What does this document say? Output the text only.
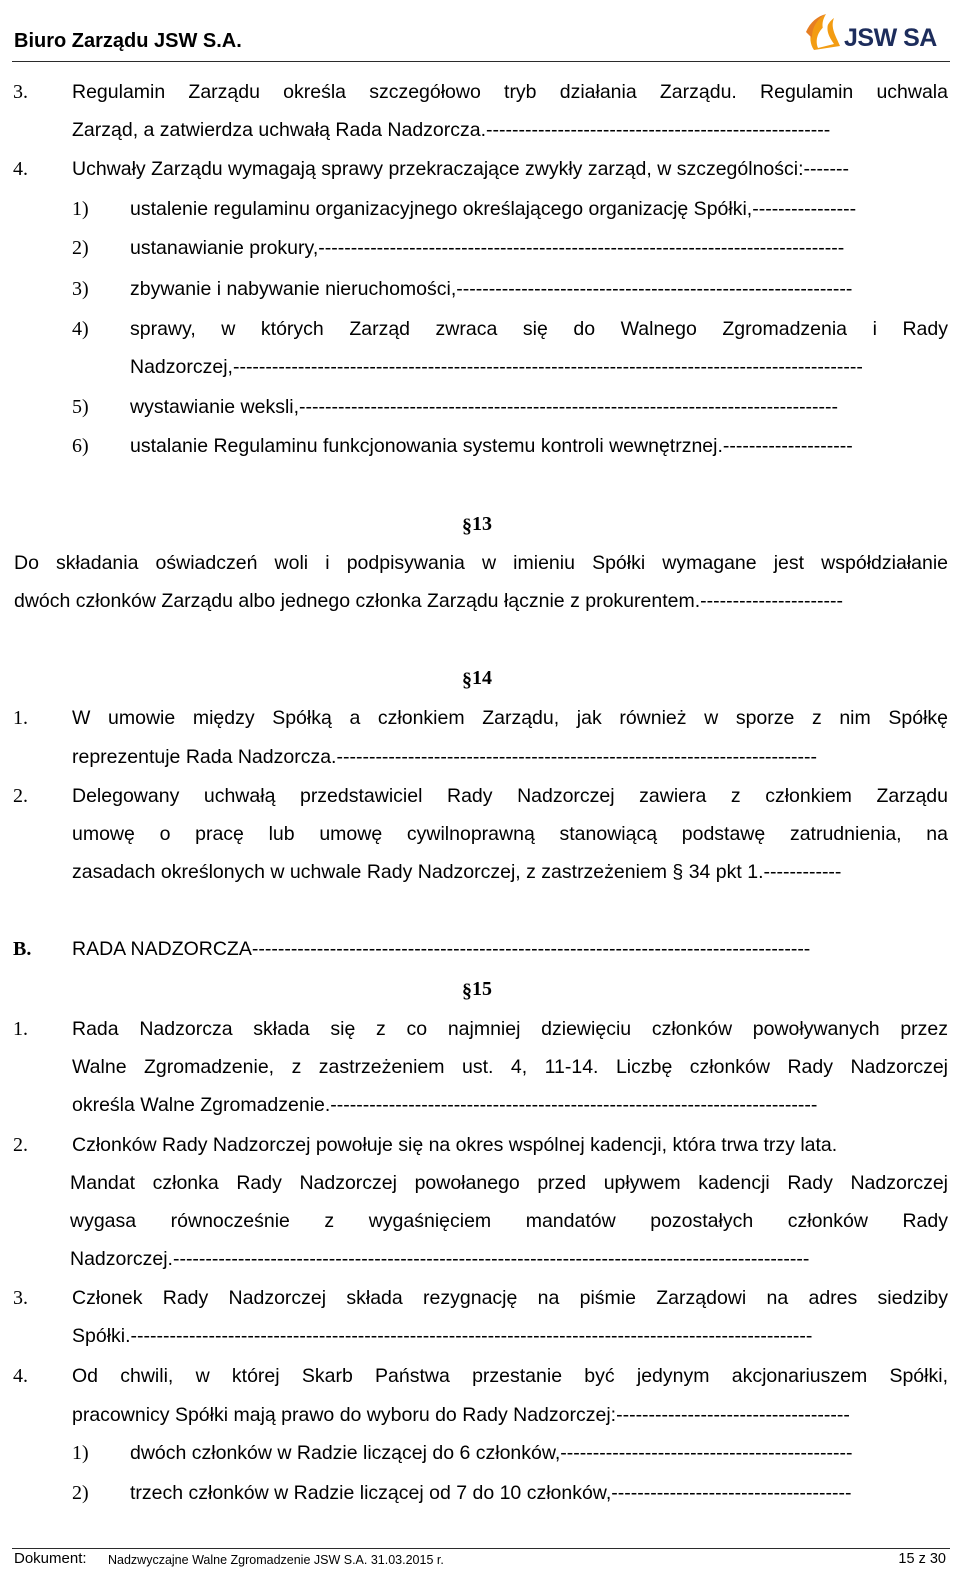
Biuro Zarządu JSW S.A.	JSW SA
3. Regulamin Zarządu określa szczegółowo tryb działania Zarządu. Regulamin uchwala
Zarząd, a zatwierdza uchwałą Rada Nadzorcza.-----------------------------------------------------
4. Uchwały Zarządu wymagają sprawy przekraczające zwykły zarząd, w szczególności:-------
1) ustalenie regulaminu organizacyjnego określającego organizację Spółki,----------------
2) ustanawianie prokury,---------------------------------------------------------------------------------
3) zbywanie i nabywanie nieruchomości,-------------------------------------------------------------
4) sprawy, w których Zarząd zwraca się do Walnego Zgromadzenia i Rady
Nadzorczej,-------------------------------------------------------------------------------------------------
5) wystawianie weksli,-----------------------------------------------------------------------------------
6) ustalanie Regulaminu funkcjonowania systemu kontroli wewnętrznej.--------------------
§13
Do składania oświadczeń woli i podpisywania w imieniu Spółki wymagane jest współdziałanie
dwóch członków Zarządu albo jednego członka Zarządu łącznie z prokurentem.----------------------
§14
1. W umowie między Spółką a członkiem Zarządu, jak również w sporze z nim Spółkę
reprezentuje Rada Nadzorcza.--------------------------------------------------------------------------
2. Delegowany uchwałą przedstawiciel Rady Nadzorczej zawiera z członkiem Zarządu
umowę o pracę lub umowę cywilnoprawną stanowiącą podstawę zatrudnienia, na
zasadach określonych w uchwale Rady Nadzorczej, z zastrzeżeniem § 34 pkt 1.------------
B. RADA NADZORCZA--------------------------------------------------------------------------------------
§15
1. Rada Nadzorcza składa się z co najmniej dziewięciu członków powoływanych przez
Walne Zgromadzenie, z zastrzeżeniem ust. 4, 11-14. Liczbę członków Rady Nadzorczej
określa Walne Zgromadzenie.---------------------------------------------------------------------------
2. Członków Rady Nadzorczej powołuje się na okres wspólnej kadencji, która trwa trzy lata.
Mandat członka Rady Nadzorczej powołanego przed upływem kadencji Rady Nadzorczej
wygasa równocześnie z wygaśnięciem mandatów pozostałych członków Rady
Nadzorczej.--------------------------------------------------------------------------------------------------
3. Członek Rady Nadzorczej składa rezygnację na piśmie Zarządowi na adres siedziby
Spółki.---------------------------------------------------------------------------------------------------------
4. Od chwili, w której Skarb Państwa przestanie być jedynym akcjonariuszem Spółki,
pracownicy Spółki mają prawo do wyboru do Rady Nadzorczej:------------------------------------
1) dwóch członków w Radzie liczącej do 6 członków,---------------------------------------------
2) trzech członków w Radzie liczącej od 7 do 10 członków,-------------------------------------
Dokument: Nadzwyczajne Walne Zgromadzenie JSW S.A. 31.03.2015 r.	15 z 30
